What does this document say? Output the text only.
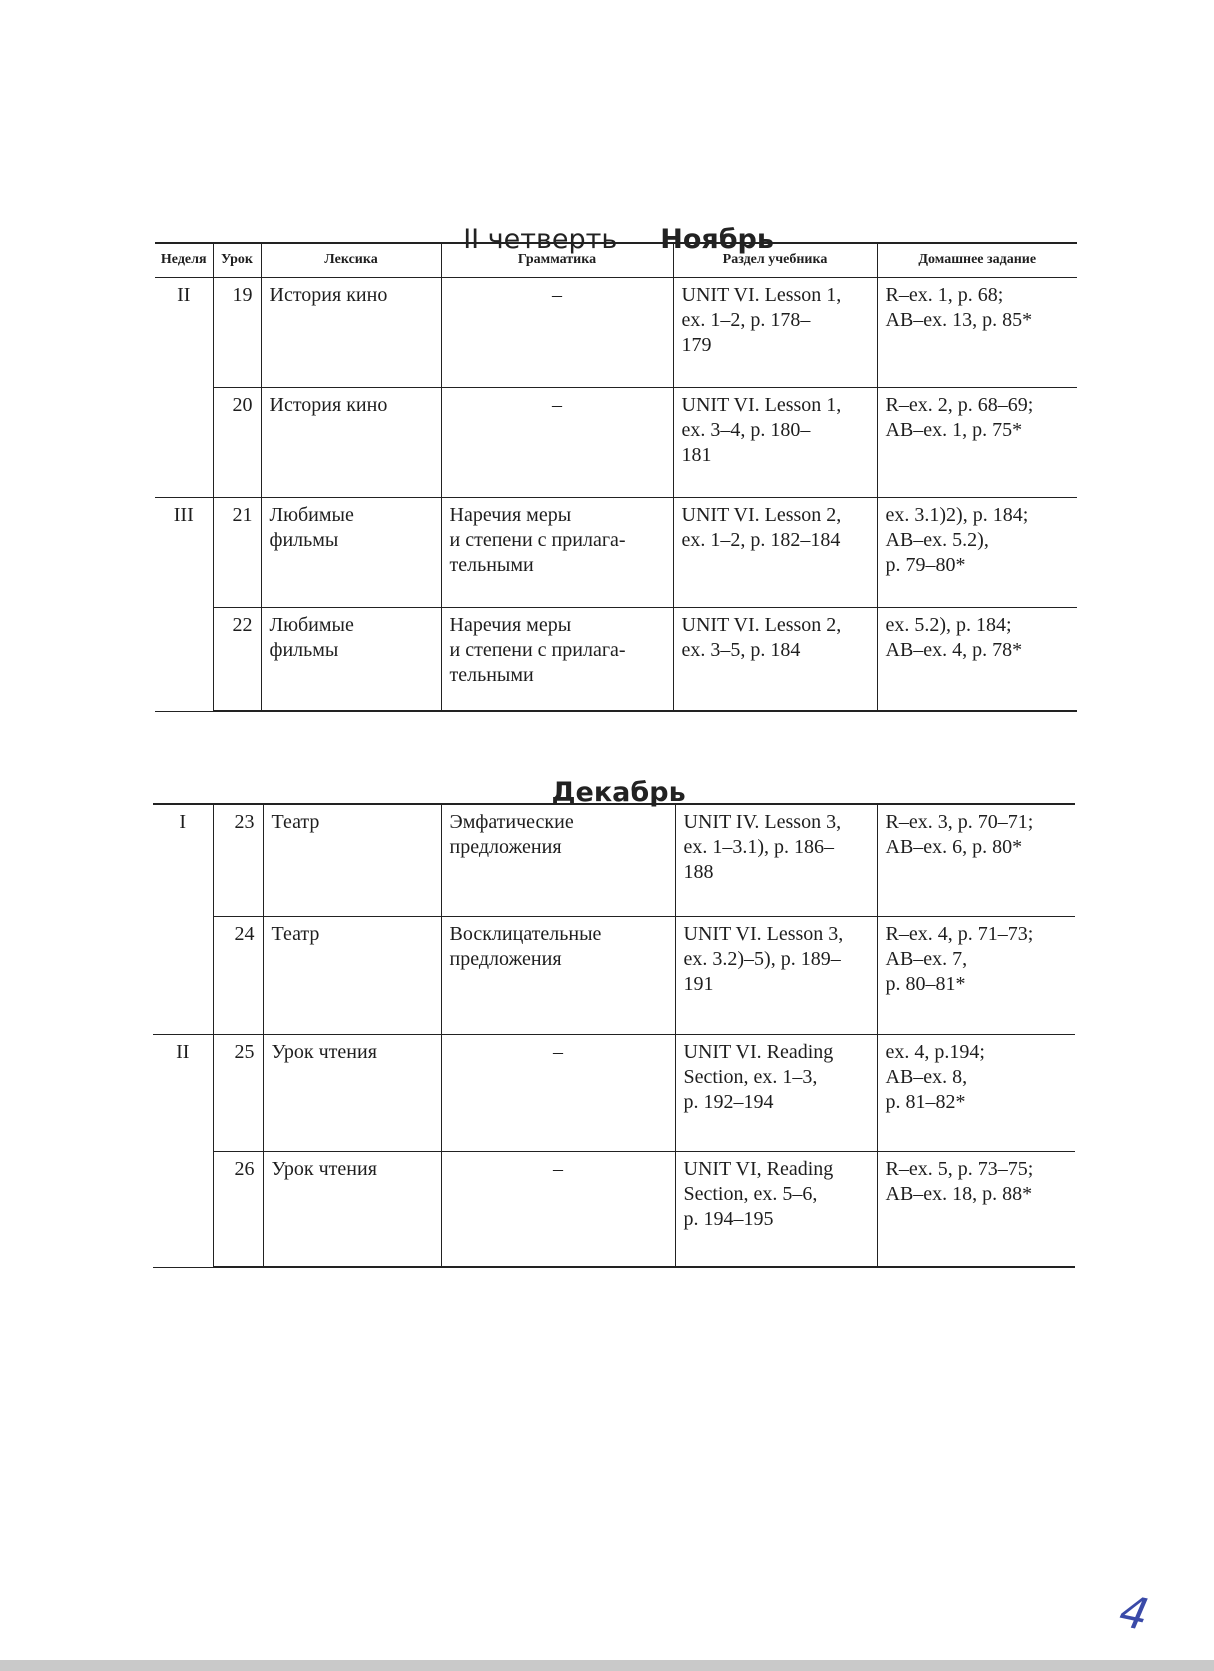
II четверть Ноябрь

Неделя	Урок	Лексика	Грамматика	Раздел учебника	Домашнее задание
II	19	История кино	–	UNIT VI. Lesson 1,
ex. 1–2, p. 178–
179	R–ex. 1, p. 68;
AB–ex. 13, p. 85*
	20	История кино	–	UNIT VI. Lesson 1,
ex. 3–4, p. 180–
181	R–ex. 2, p. 68–69;
AB–ex. 1, p. 75*
III	21	Любимые
фильмы	Наречия меры
и степени с прилага-
тельными	UNIT VI. Lesson 2,
ex. 1–2, p. 182–184	ex. 3.1)2), p. 184;
AB–ex. 5.2),
p. 79–80*
	22	Любимые
фильмы	Наречия меры
и степени с прилага-
тельными	UNIT VI. Lesson 2,
ex. 3–5, p. 184	ex. 5.2), p. 184;
AB–ex. 4, p. 78*

Декабрь

I	23	Театр	Эмфатические
предложения	UNIT IV. Lesson 3,
ex. 1–3.1), p. 186–
188	R–ex. 3, p. 70–71;
AB–ex. 6, p. 80*
	24	Театр	Восклицательные
предложения	UNIT VI. Lesson 3,
ex. 3.2)–5), p. 189–
191	R–ex. 4, p. 71–73;
AB–ex. 7,
p. 80–81*
II	25	Урок чтения	–	UNIT VI. Reading
Section, ex. 1–3,
p. 192–194	ex. 4, p.194;
AB–ex. 8,
p. 81–82*
	26	Урок чтения	–	UNIT VI, Reading
Section, ex. 5–6,
p. 194–195	R–ex. 5, p. 73–75;
AB–ex. 18, p. 88*
4
